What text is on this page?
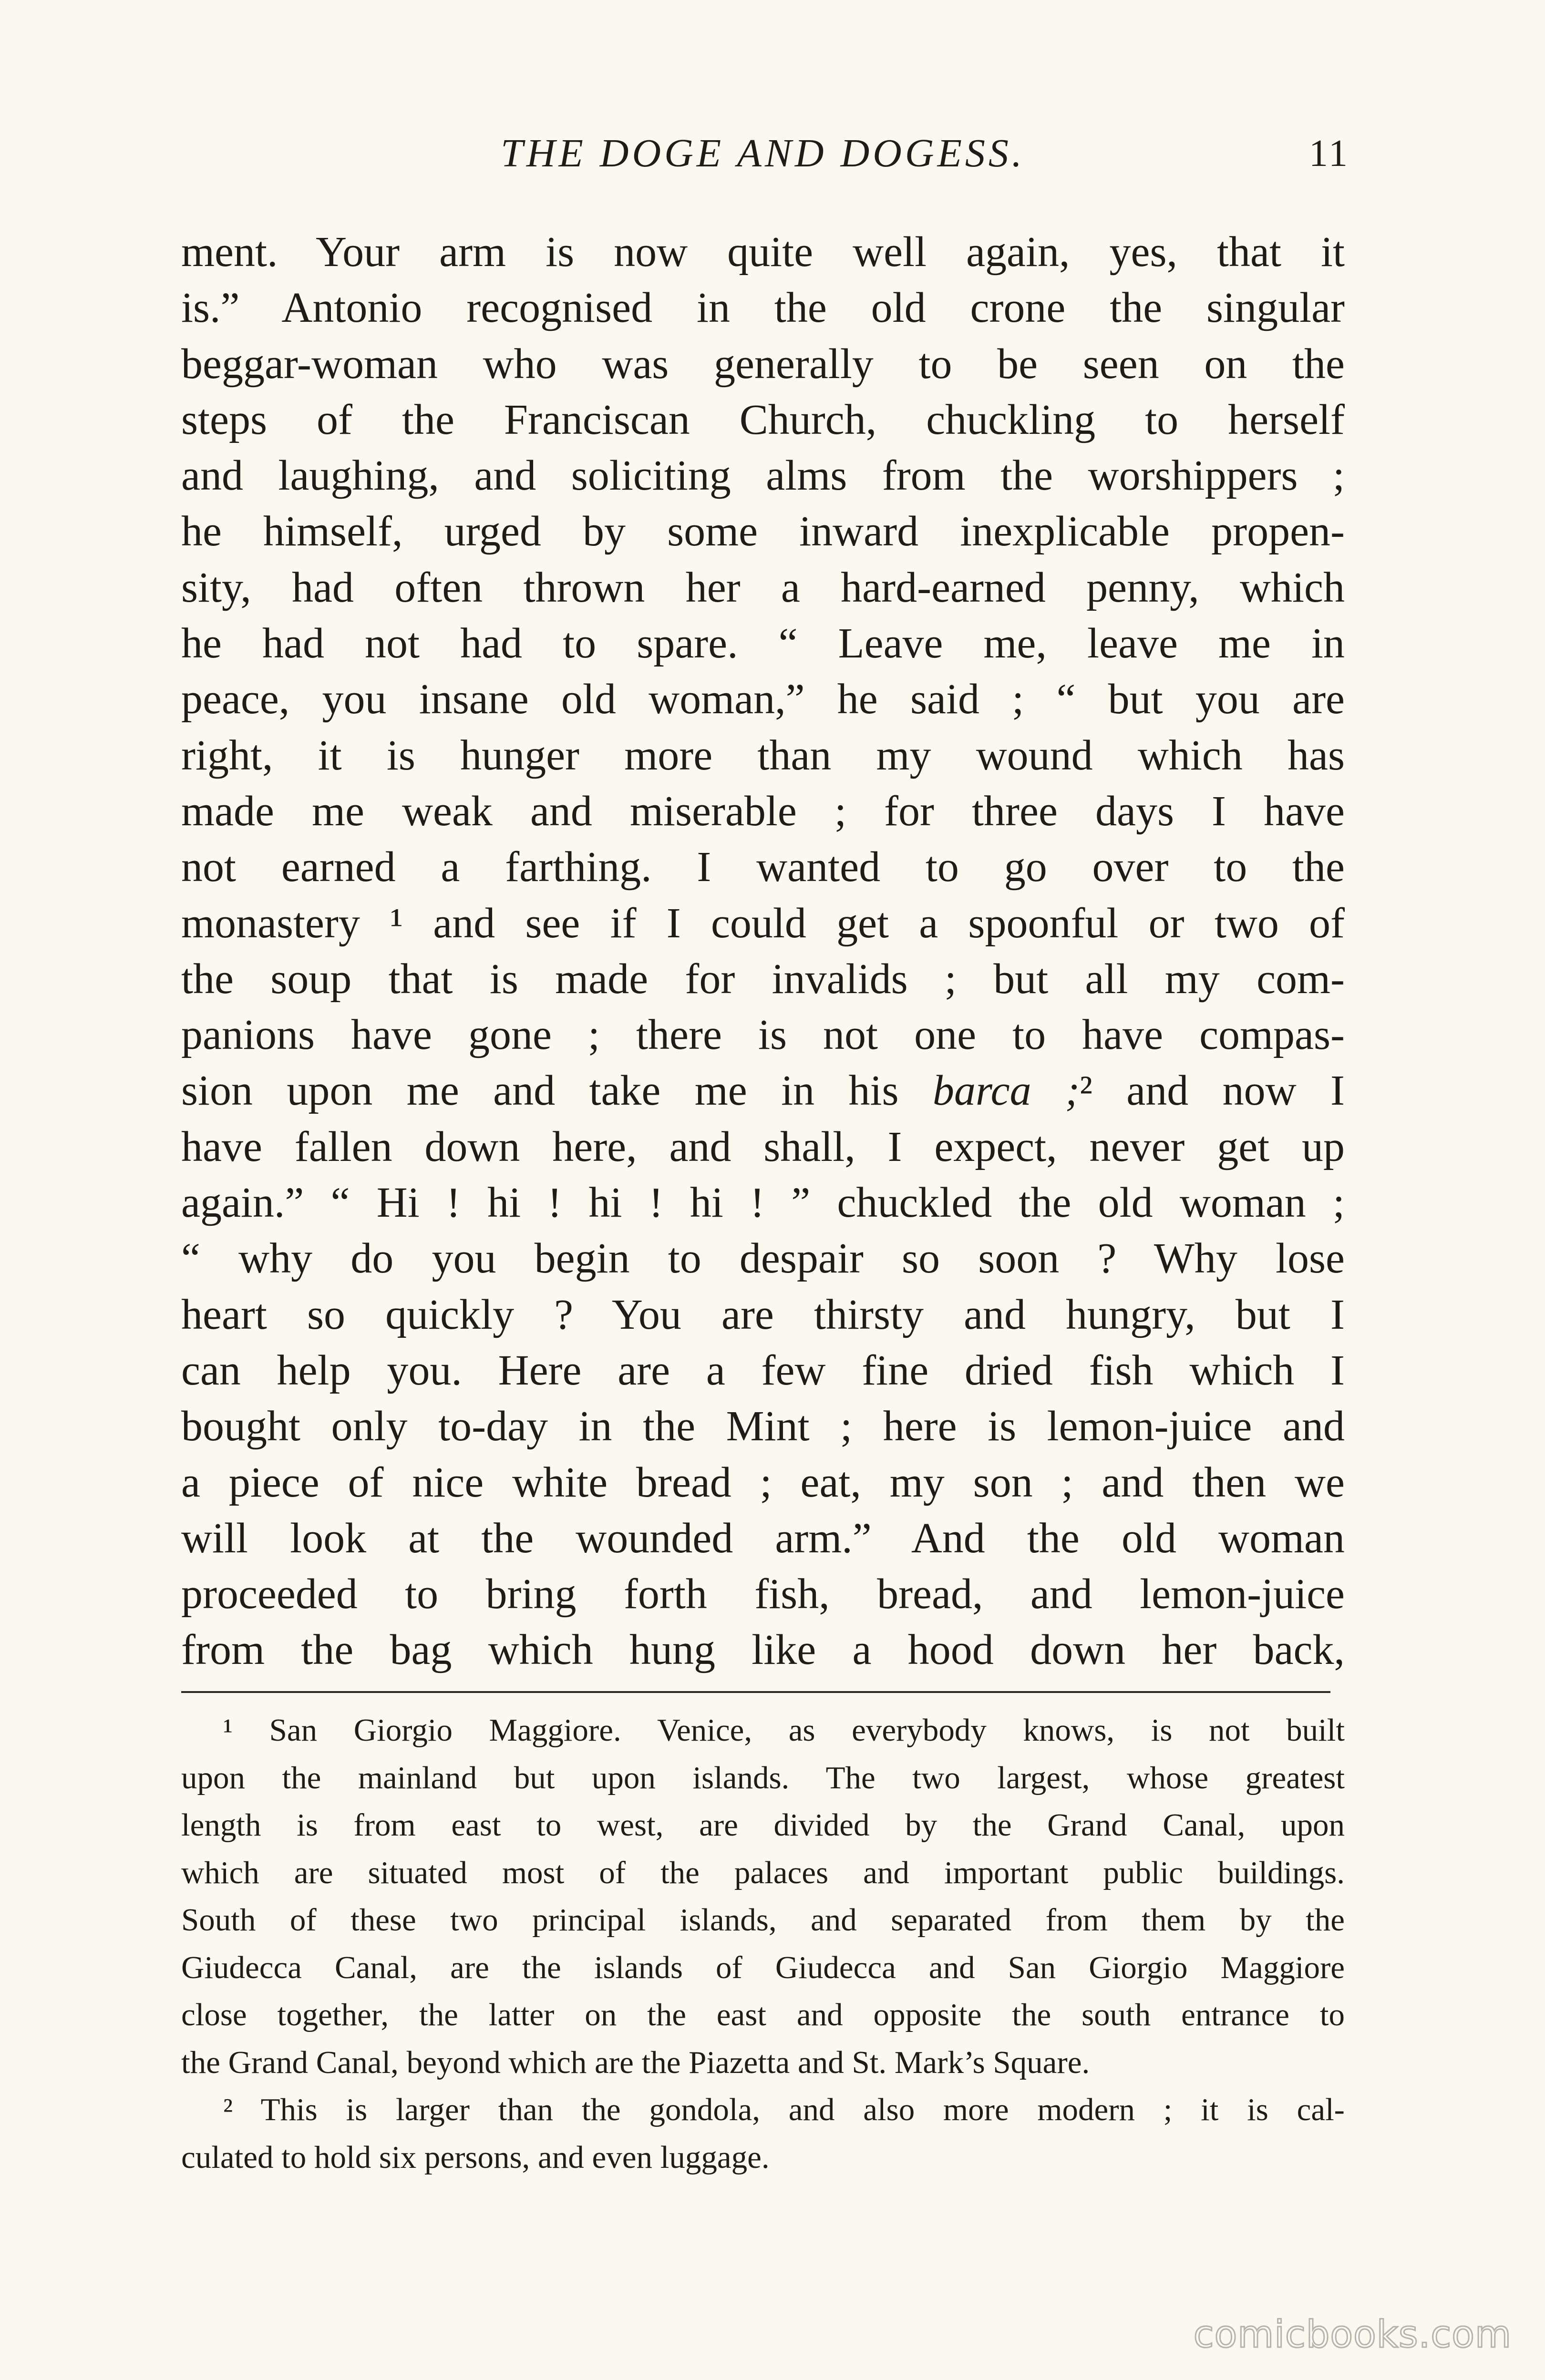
THE DOGE AND DOGESS.	11
ment. Your arm is now quite well again, yes, that it
is.” Antonio recognised in the old crone the singular
beggar-woman who was generally to be seen on the
steps of the Franciscan Church, chuckling to herself
and laughing, and soliciting alms from the worshippers ;
he himself, urged by some inward inexplicable propen-
sity, had often thrown her a hard-earned penny, which
he had not had to spare. “ Leave me, leave me in
peace, you insane old woman,” he said ; “ but you are
right, it is hunger more than my wound which has
made me weak and miserable ; for three days I have
not earned a farthing. I wanted to go over to the
monastery ¹ and see if I could get a spoonful or two of
the soup that is made for invalids ; but all my com-
panions have gone ; there is not one to have compas-
sion upon me and take me in his barca ;² and now I
have fallen down here, and shall, I expect, never get up
again.” “ Hi ! hi ! hi ! hi ! ” chuckled the old woman ;
“ why do you begin to despair so soon ? Why lose
heart so quickly ? You are thirsty and hungry, but I
can help you. Here are a few fine dried fish which I
bought only to-day in the Mint ; here is lemon-juice and
a piece of nice white bread ; eat, my son ; and then we
will look at the wounded arm.” And the old woman
proceeded to bring forth fish, bread, and lemon-juice
from the bag which hung like a hood down her back,
¹ San Giorgio Maggiore. Venice, as everybody knows, is not built
upon the mainland but upon islands. The two largest, whose greatest
length is from east to west, are divided by the Grand Canal, upon
which are situated most of the palaces and important public buildings.
South of these two principal islands, and separated from them by the
Giudecca Canal, are the islands of Giudecca and San Giorgio Maggiore
close together, the latter on the east and opposite the south entrance to
the Grand Canal, beyond which are the Piazetta and St. Mark’s Square.
² This is larger than the gondola, and also more modern ; it is cal-
culated to hold six persons, and even luggage.
comicbooks.com
